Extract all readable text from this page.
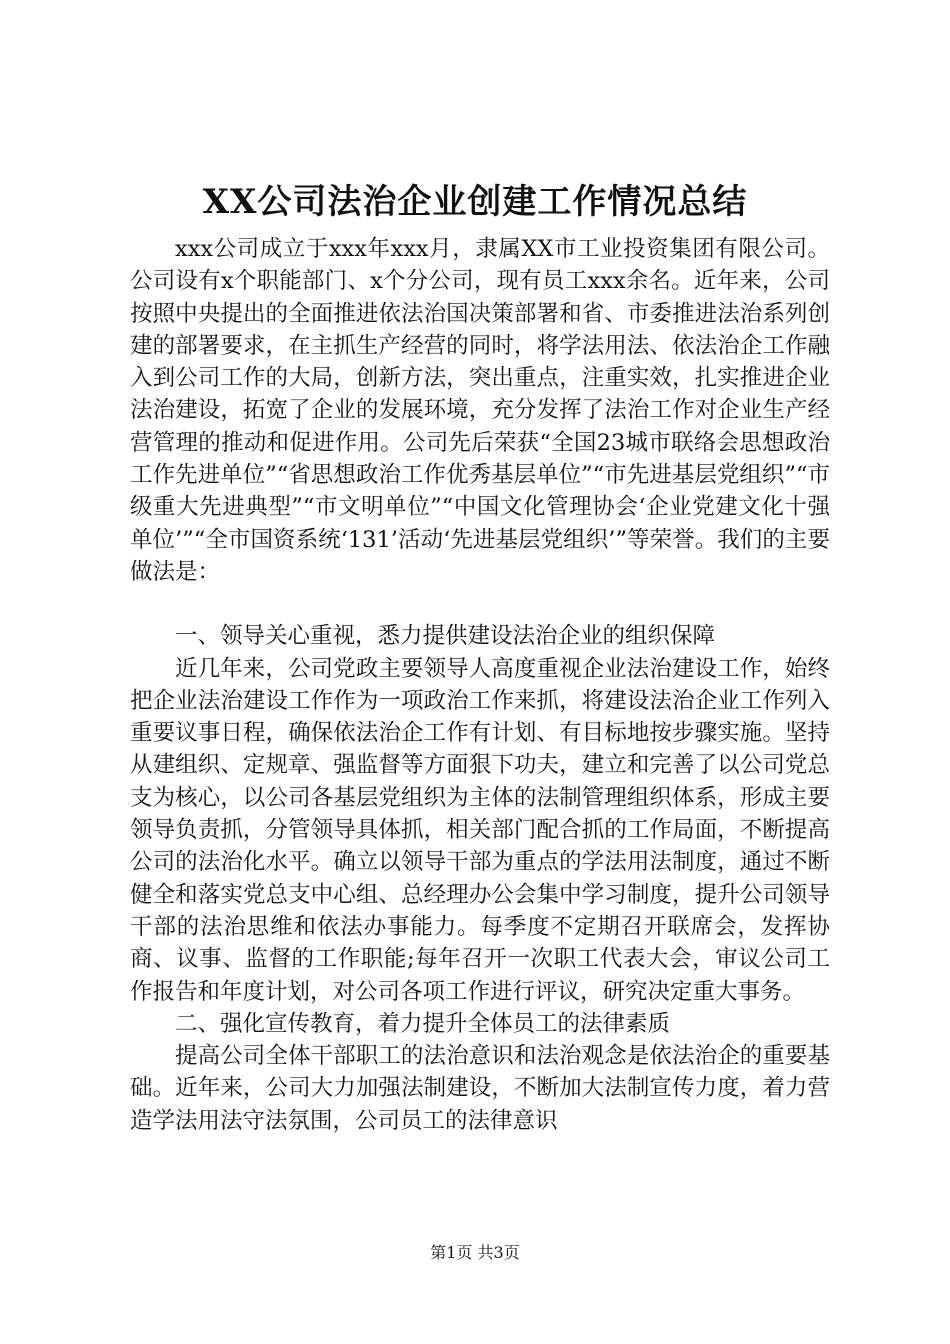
XX公司法治企业创建工作情况总结

xxx公司成立于xxx年xxx月，隶属XX市工业投资集团有限公司。公司设有x个职能部门、x个分公司，现有员工xxx余名。近年来，公司按照中央提出的全面推进依法治国决策部署和省、市委推进法治系列创建的部署要求，在主抓生产经营的同时，将学法用法、依法治企工作融入到公司工作的大局，创新方法，突出重点，注重实效，扎实推进企业法治建设，拓宽了企业的发展环境，充分发挥了法治工作对企业生产经营管理的推动和促进作用。公司先后荣获“全国23城市联络会思想政治工作先进单位”“省思想政治工作优秀基层单位”“市先进基层党组织”“市级重大先进典型”“市文明单位”“中国文化管理协会‘企业党建文化十强单位’”“全市国资系统‘131’活动‘先进基层党组织’”等荣誉。我们的主要做法是：

一、领导关心重视，悉力提供建设法治企业的组织保障

近几年来，公司党政主要领导人高度重视企业法治建设工作，始终把企业法治建设工作作为一项政治工作来抓，将建设法治企业工作列入重要议事日程，确保依法治企工作有计划、有目标地按步骤实施。坚持从建组织、定规章、强监督等方面狠下功夫，建立和完善了以公司党总支为核心，以公司各基层党组织为主体的法制管理组织体系，形成主要领导负责抓，分管领导具体抓，相关部门配合抓的工作局面，不断提高公司的法治化水平。确立以领导干部为重点的学法用法制度，通过不断健全和落实党总支中心组、总经理办公会集中学习制度，提升公司领导干部的法治思维和依法办事能力。每季度不定期召开联席会，发挥协商、议事、监督的工作职能;每年召开一次职工代表大会，审议公司工作报告和年度计划，对公司各项工作进行评议，研究决定重大事务。

二、强化宣传教育，着力提升全体员工的法律素质

提高公司全体干部职工的法治意识和法治观念是依法治企的重要基础。近年来，公司大力加强法制建设，不断加大法制宣传力度，着力营造学法用法守法氛围，公司员工的法律意识

第1页 共3页
